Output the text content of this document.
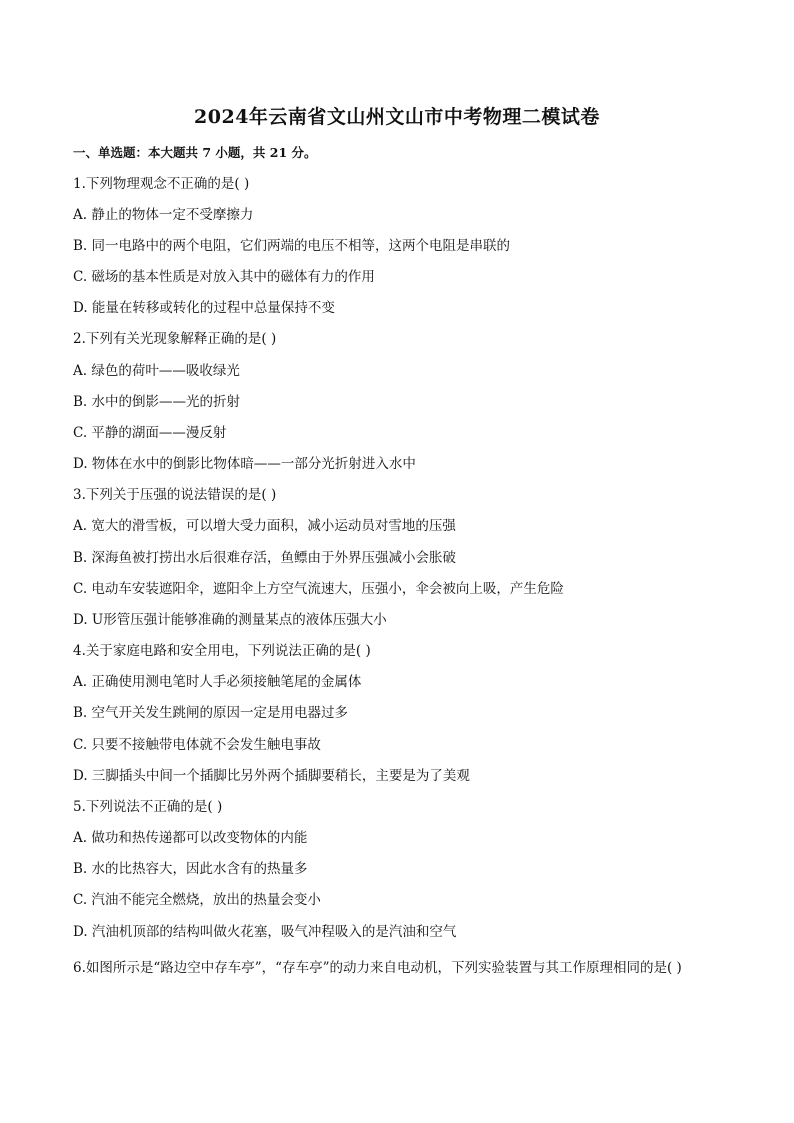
2024年云南省文山州文山市中考物理二模试卷
一、单选题：本大题共 7 小题，共 21 分。
1.下列物理观念不正确的是( )
A. 静止的物体一定不受摩擦力
B. 同一电路中的两个电阻，它们两端的电压不相等，这两个电阻是串联的
C. 磁场的基本性质是对放入其中的磁体有力的作用
D. 能量在转移或转化的过程中总量保持不变
2.下列有关光现象解释正确的是( )
A. 绿色的荷叶——吸收绿光
B. 水中的倒影——光的折射
C. 平静的湖面——漫反射
D. 物体在水中的倒影比物体暗——一部分光折射进入水中
3.下列关于压强的说法错误的是( )
A. 宽大的滑雪板，可以增大受力面积，减小运动员对雪地的压强
B. 深海鱼被打捞出水后很难存活，鱼鳔由于外界压强减小会胀破
C. 电动车安装遮阳伞，遮阳伞上方空气流速大，压强小，伞会被向上吸，产生危险
D. U形管压强计能够准确的测量某点的液体压强大小
4.关于家庭电路和安全用电，下列说法正确的是( )
A. 正确使用测电笔时人手必须接触笔尾的金属体
B. 空气开关发生跳闸的原因一定是用电器过多
C. 只要不接触带电体就不会发生触电事故
D. 三脚插头中间一个插脚比另外两个插脚要稍长，主要是为了美观
5.下列说法不正确的是( )
A. 做功和热传递都可以改变物体的内能
B. 水的比热容大，因此水含有的热量多
C. 汽油不能完全燃烧，放出的热量会变小
D. 汽油机顶部的结构叫做火花塞，吸气冲程吸入的是汽油和空气
6.如图所示是“路边空中存车亭”，“存车亭”的动力来自电动机，下列实验装置与其工作原理相同的是( )
